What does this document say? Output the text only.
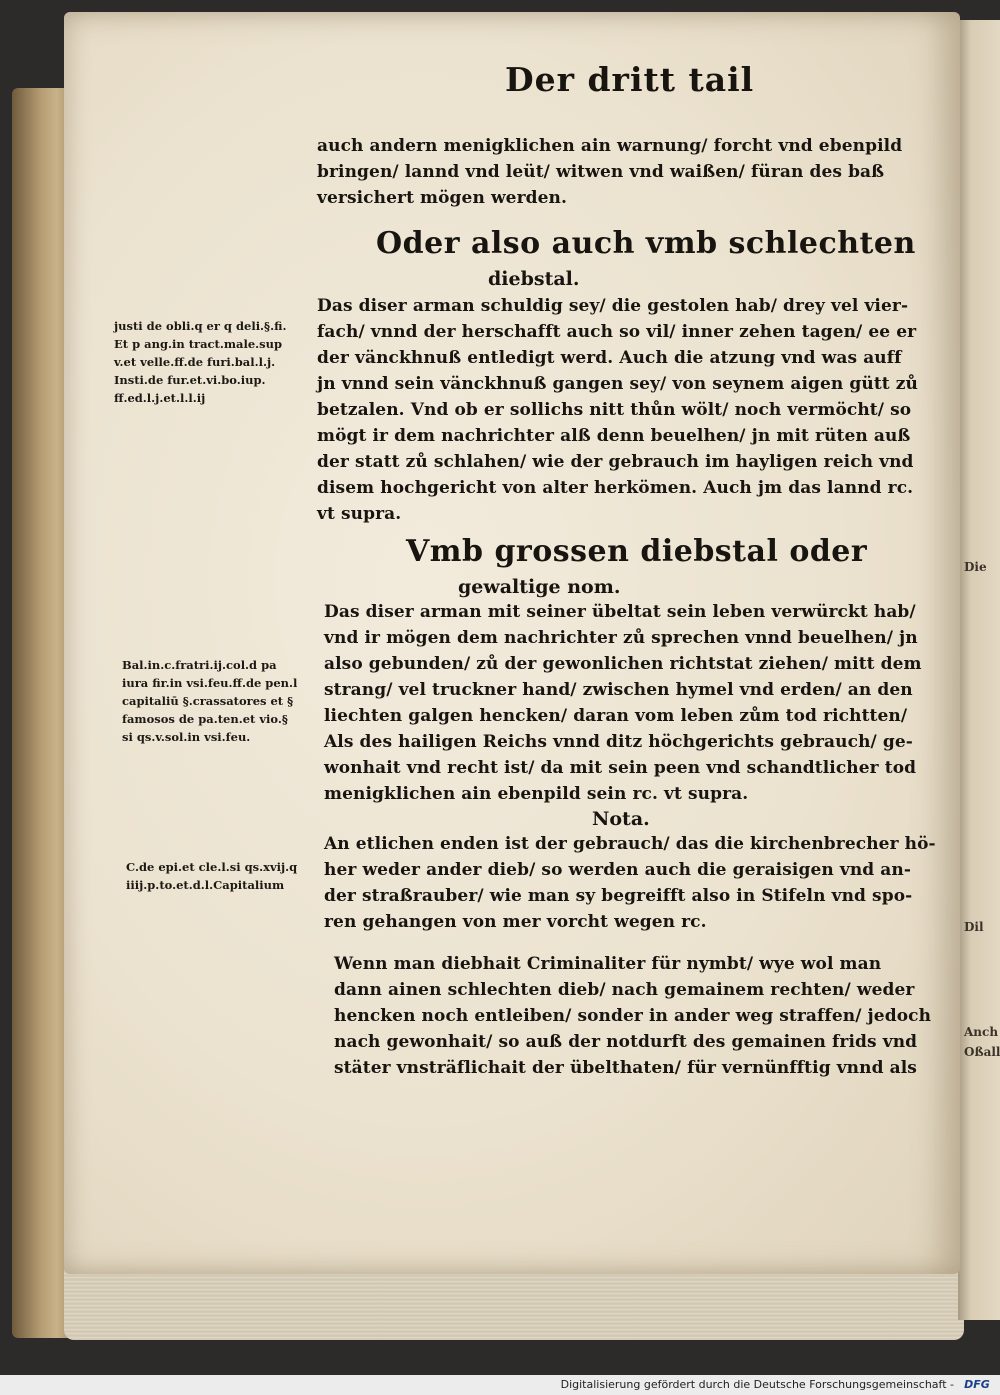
Die
Dil
Anch
Oßall
Der dritt tail
auch andern menigklichen ain warnung/ forcht vnd ebenpild
bringen/ lannd vnd leüt/ witwen vnd waißen/ füran des baß
versichert mögen werden.
Oder also auch vmb schlechten
diebstal.
Das diser arman schuldig sey/ die gestolen hab/ drey vel vier-
fach/ vnnd der herschafft auch so vil/ inner zehen tagen/ ee er
der vänckhnuß entledigt werd. Auch die atzung vnd was auff
jn vnnd sein vänckhnuß gangen sey/ von seynem aigen gütt zů
betzalen. Vnd ob er sollichs nitt thůn wölt/ noch vermöcht/ so
mögt ir dem nachrichter alß denn beuelhen/ jn mit rüten auß
der statt zů schlahen/ wie der gebrauch im hayligen reich vnd
disem hochgericht von alter herkömen. Auch jm das lannd rc.
vt supra.
Vmb grossen diebstal oder
gewaltige nom.
Das diser arman mit seiner übeltat sein leben verwürckt hab/
vnd ir mögen dem nachrichter zů sprechen vnnd beuelhen/ jn
also gebunden/ zů der gewonlichen richtstat ziehen/ mitt dem
strang/ vel truckner hand/ zwischen hymel vnd erden/ an den
liechten galgen hencken/ daran vom leben zům tod richtten/
Als des hailigen Reichs vnnd ditz höchgerichts gebrauch/ ge-
wonhait vnd recht ist/ da mit sein peen vnd schandtlicher tod
menigklichen ain ebenpild sein rc. vt supra.
Nota.
An etlichen enden ist der gebrauch/ das die kirchenbrecher hö-
her weder ander dieb/ so werden auch die geraisigen vnd an-
der straßrauber/ wie man sy begreifft also in Stifeln vnd spo-
ren gehangen von mer vorcht wegen rc.
Wenn man diebhait Criminaliter für nymbt/ wye wol man
dann ainen schlechten dieb/ nach gemainem rechten/ weder
hencken noch entleiben/ sonder in ander weg straffen/ jedoch
nach gewonhait/ so auß der notdurft des gemainen frids vnd
stäter vnsträflichait der übelthaten/ für vernünfftig vnnd als
justi de obli.q er q deli.§.fi.
Et p ang.in tract.male.sup
v.et velle.ff.de furi.bal.l.j.
Insti.de fur.et.vi.bo.iup.
ff.ed.l.j.et.l.l.ij
Bal.in.c.fratri.ij.col.d pa
iura fir.in vsi.feu.ff.de pen.l
capitaliū §.crassatores et §
famosos de pa.ten.et vio.§
si qs.v.sol.in vsi.feu.
C.de epi.et cle.l.si qs.xvij.q
iiij.p.to.et.d.l.Capitalium
Digitalisierung gefördert durch die Deutsche Forschungsgemeinschaft - DFG
